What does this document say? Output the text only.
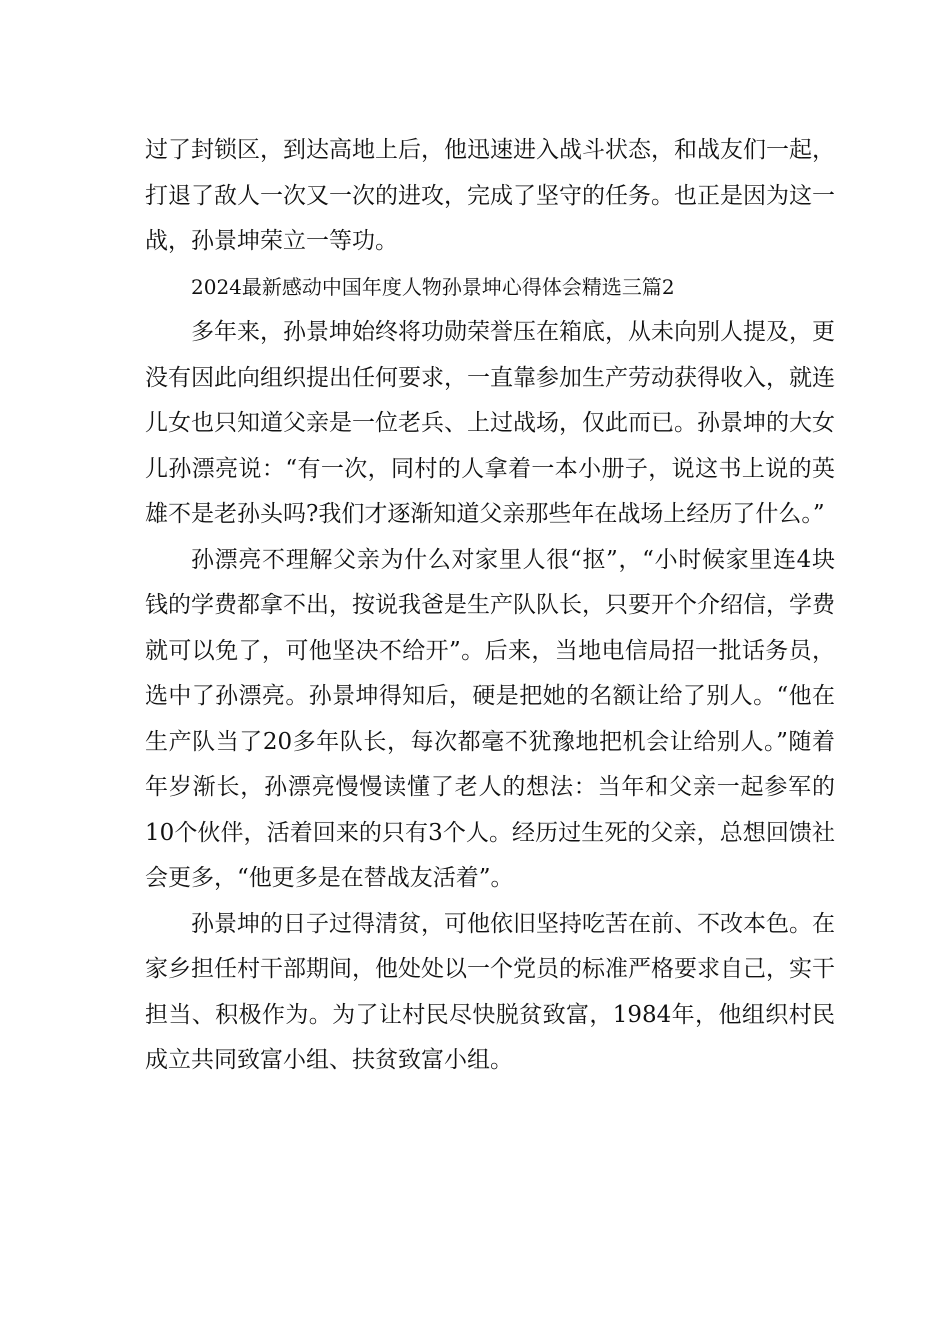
过了封锁区，到达高地上后，他迅速进入战斗状态，和战友们一起，打退了敌人一次又一次的进攻，完成了坚守的任务。也正是因为这一战，孙景坤荣立一等功。

2024最新感动中国年度人物孙景坤心得体会精选三篇2

多年来，孙景坤始终将功勋荣誉压在箱底，从未向别人提及，更没有因此向组织提出任何要求，一直靠参加生产劳动获得收入，就连儿女也只知道父亲是一位老兵、上过战场，仅此而已。孙景坤的大女儿孙漂亮说：“有一次，同村的人拿着一本小册子，说这书上说的英雄不是老孙头吗?我们才逐渐知道父亲那些年在战场上经历了什么。”

孙漂亮不理解父亲为什么对家里人很“抠”，“小时候家里连4块钱的学费都拿不出，按说我爸是生产队队长，只要开个介绍信，学费就可以免了，可他坚决不给开”。后来，当地电信局招一批话务员，选中了孙漂亮。孙景坤得知后，硬是把她的名额让给了别人。“他在生产队当了20多年队长，每次都毫不犹豫地把机会让给别人。”随着年岁渐长，孙漂亮慢慢读懂了老人的想法：当年和父亲一起参军的10个伙伴，活着回来的只有3个人。经历过生死的父亲，总想回馈社会更多，“他更多是在替战友活着”。

孙景坤的日子过得清贫，可他依旧坚持吃苦在前、不改本色。在家乡担任村干部期间，他处处以一个党员的标准严格要求自己，实干担当、积极作为。为了让村民尽快脱贫致富，1984年，他组织村民成立共同致富小组、扶贫致富小组。
